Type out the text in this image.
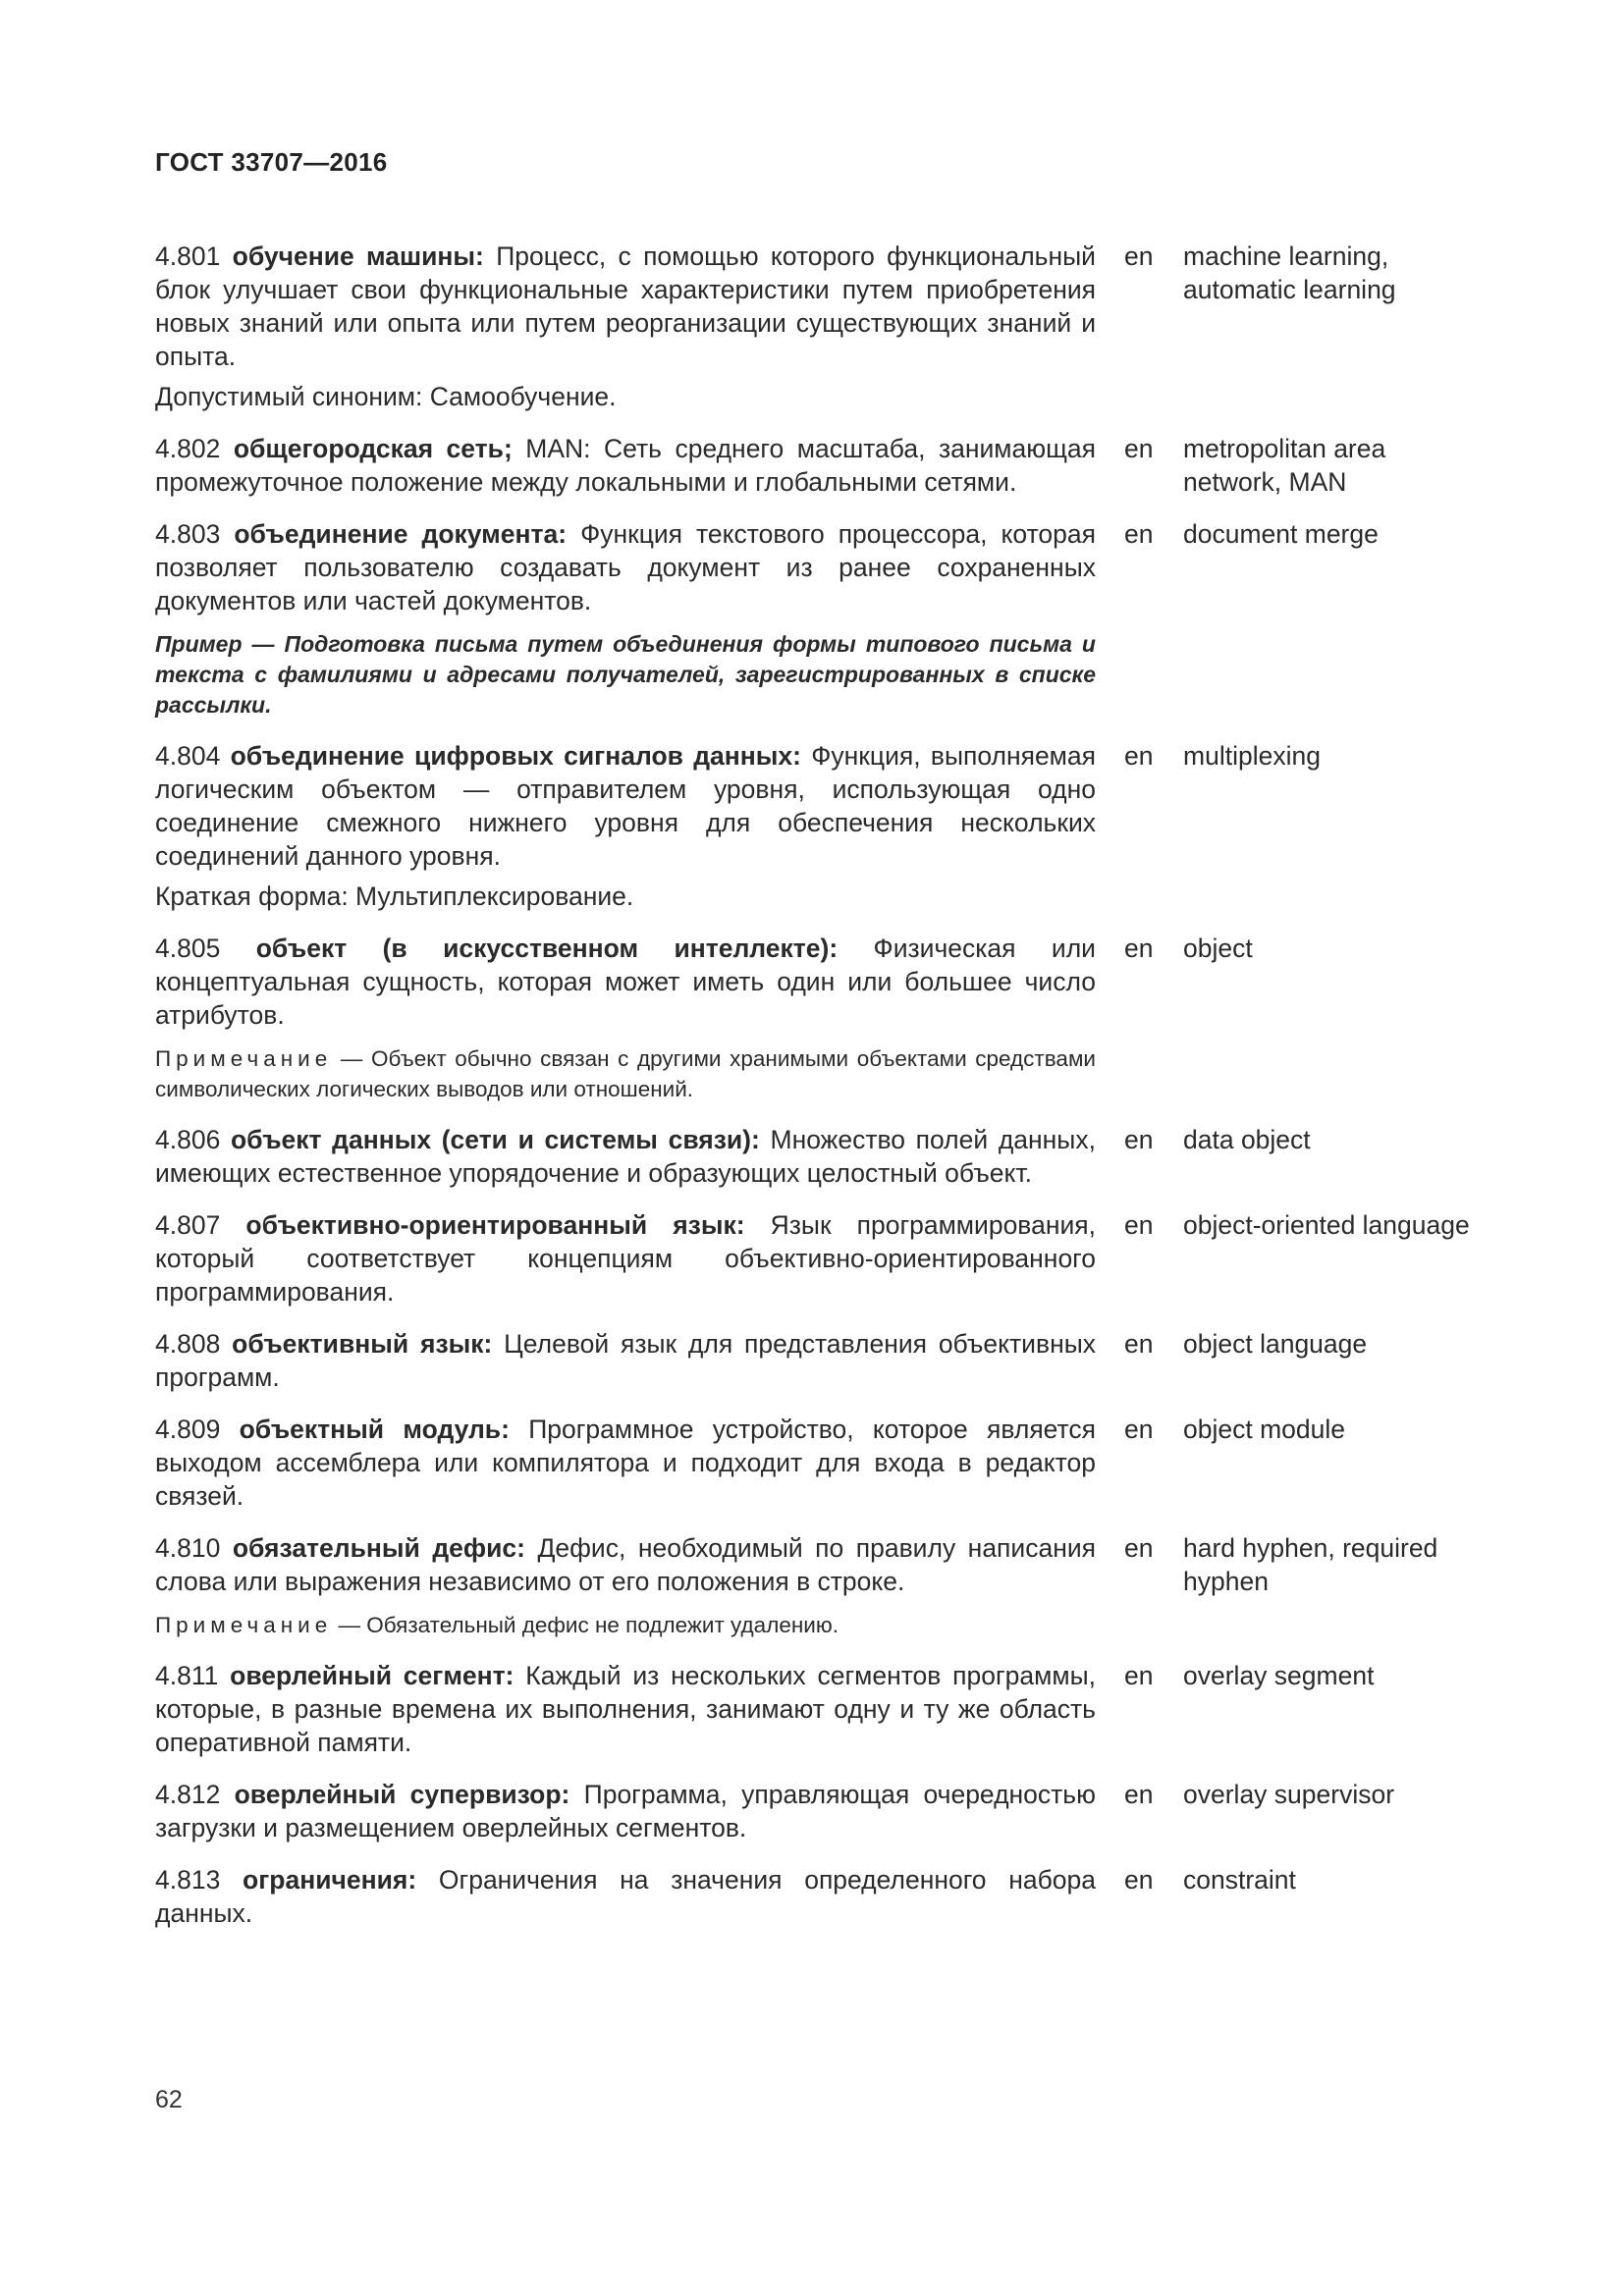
ГОСТ 33707—2016
4.801 обучение машины: Процесс, с помощью которого функциональный блок улучшает свои функциональные характеристики путем приобретения новых знаний или опыта или путем реорганизации существующих знаний и опыта.
Допустимый синоним: Самообучение.
en	machine learning, automatic learning
4.802 общегородская сеть; MAN: Сеть среднего масштаба, занимающая промежуточное положение между локальными и глобальными сетями.
en	metropolitan area network, MAN
4.803 объединение документа: Функция текстового процессора, которая позволяет пользователю создавать документ из ранее сохраненных документов или частей документов.
Пример — Подготовка письма путем объединения формы типового письма и текста с фамилиями и адресами получателей, зарегистрированных в списке рассылки.
en	document merge
4.804 объединение цифровых сигналов данных: Функция, выполняемая логическим объектом — отправителем уровня, использующая одно соединение смежного нижнего уровня для обеспечения нескольких соединений данного уровня.
Краткая форма: Мультиплексирование.
en	multiplexing
4.805 объект (в искусственном интеллекте): Физическая или концептуальная сущность, которая может иметь один или большее число атрибутов.
Примечание — Объект обычно связан с другими хранимыми объектами средствами символических логических выводов или отношений.
en	object
4.806 объект данных (сети и системы связи): Множество полей данных, имеющих естественное упорядочение и образующих целостный объект.
en	data object
4.807 объективно-ориентированный язык: Язык программирования, который соответствует концепциям объективно-ориентированного программирования.
en	object-oriented language
4.808 объективный язык: Целевой язык для представления объективных программ.
en	object language
4.809 объектный модуль: Программное устройство, которое является выходом ассемблера или компилятора и подходит для входа в редактор связей.
en	object module
4.810 обязательный дефис: Дефис, необходимый по правилу написания слова или выражения независимо от его положения в строке.
Примечание — Обязательный дефис не подлежит удалению.
en	hard hyphen, required hyphen
4.811 оверлейный сегмент: Каждый из нескольких сегментов программы, которые, в разные времена их выполнения, занимают одну и ту же область оперативной памяти.
en	overlay segment
4.812 оверлейный супервизор: Программа, управляющая очередностью загрузки и размещением оверлейных сегментов.
en	overlay supervisor
4.813 ограничения: Ограничения на значения определенного набора данных.
en	constraint
62
